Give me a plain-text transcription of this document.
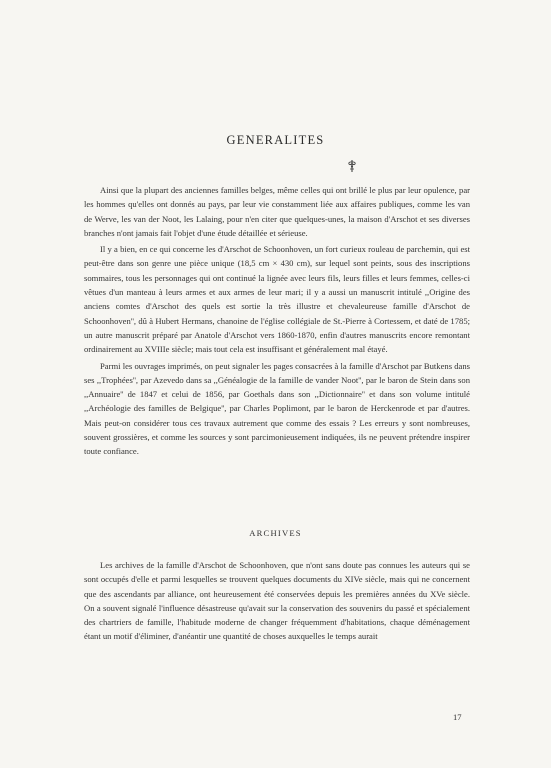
GENERALITES

Ainsi que la plupart des anciennes familles belges, même celles qui ont brillé le plus par leur opulence, par les hommes qu'elles ont donnés au pays, par leur vie constamment liée aux affaires publiques, comme les van de Werve, les van der Noot, les Lalaing, pour n'en citer que quelques-unes, la maison d'Arschot et ses diverses branches n'ont jamais fait l'objet d'une étude détaillée et sérieuse.

Il y a bien, en ce qui concerne les d'Arschot de Schoonhoven, un fort curieux rouleau de parchemin, qui est peut-être dans son genre une pièce unique (18,5 cm × 430 cm), sur lequel sont peints, sous des inscriptions sommaires, tous les personnages qui ont continué la lignée avec leurs fils, leurs filles et leurs femmes, celles-ci vêtues d'un manteau à leurs armes et aux armes de leur mari; il y a aussi un manuscrit intitulé ,,Origine des anciens comtes d'Arschot des quels est sortie la très illustre et chevaleureuse famille d'Arschot de Schoonhoven'', dû à Hubert Hermans, chanoine de l'église collégiale de St.-Pierre à Cortessem, et daté de 1785; un autre manuscrit préparé par Anatole d'Arschot vers 1860-1870, enfin d'autres manuscrits encore remontant ordinairement au XVIIIe siècle; mais tout cela est insuffisant et généralement mal étayé.

Parmi les ouvrages imprimés, on peut signaler les pages consacrées à la famille d'Arschot par Butkens dans ses ,,Trophées'', par Azevedo dans sa ,,Généalogie de la famille de vander Noot'', par le baron de Stein dans son ,,Annuaire'' de 1847 et celui de 1856, par Goethals dans son ,,Dictionnaire'' et dans son volume intitulé ,,Archéologie des familles de Belgique'', par Charles Poplimont, par le baron de Herckenrode et par d'autres. Mais peut-on considérer tous ces travaux autrement que comme des essais ? Les erreurs y sont nombreuses, souvent grossières, et comme les sources y sont parcimonieusement indiquées, ils ne peuvent prétendre inspirer toute confiance.

ARCHIVES

Les archives de la famille d'Arschot de Schoonhoven, que n'ont sans doute pas connues les auteurs qui se sont occupés d'elle et parmi lesquelles se trouvent quelques documents du XIVe siècle, mais qui ne concernent que des ascendants par alliance, ont heureusement été conservées depuis les premières années du XVe siècle. On a souvent signalé l'influence désastreuse qu'avait sur la conservation des souvenirs du passé et spécialement des chartriers de famille, l'habitude moderne de changer fréquemment d'habitations, chaque déménagement étant un motif d'éliminer, d'anéantir une quantité de choses auxquelles le temps aurait

17
